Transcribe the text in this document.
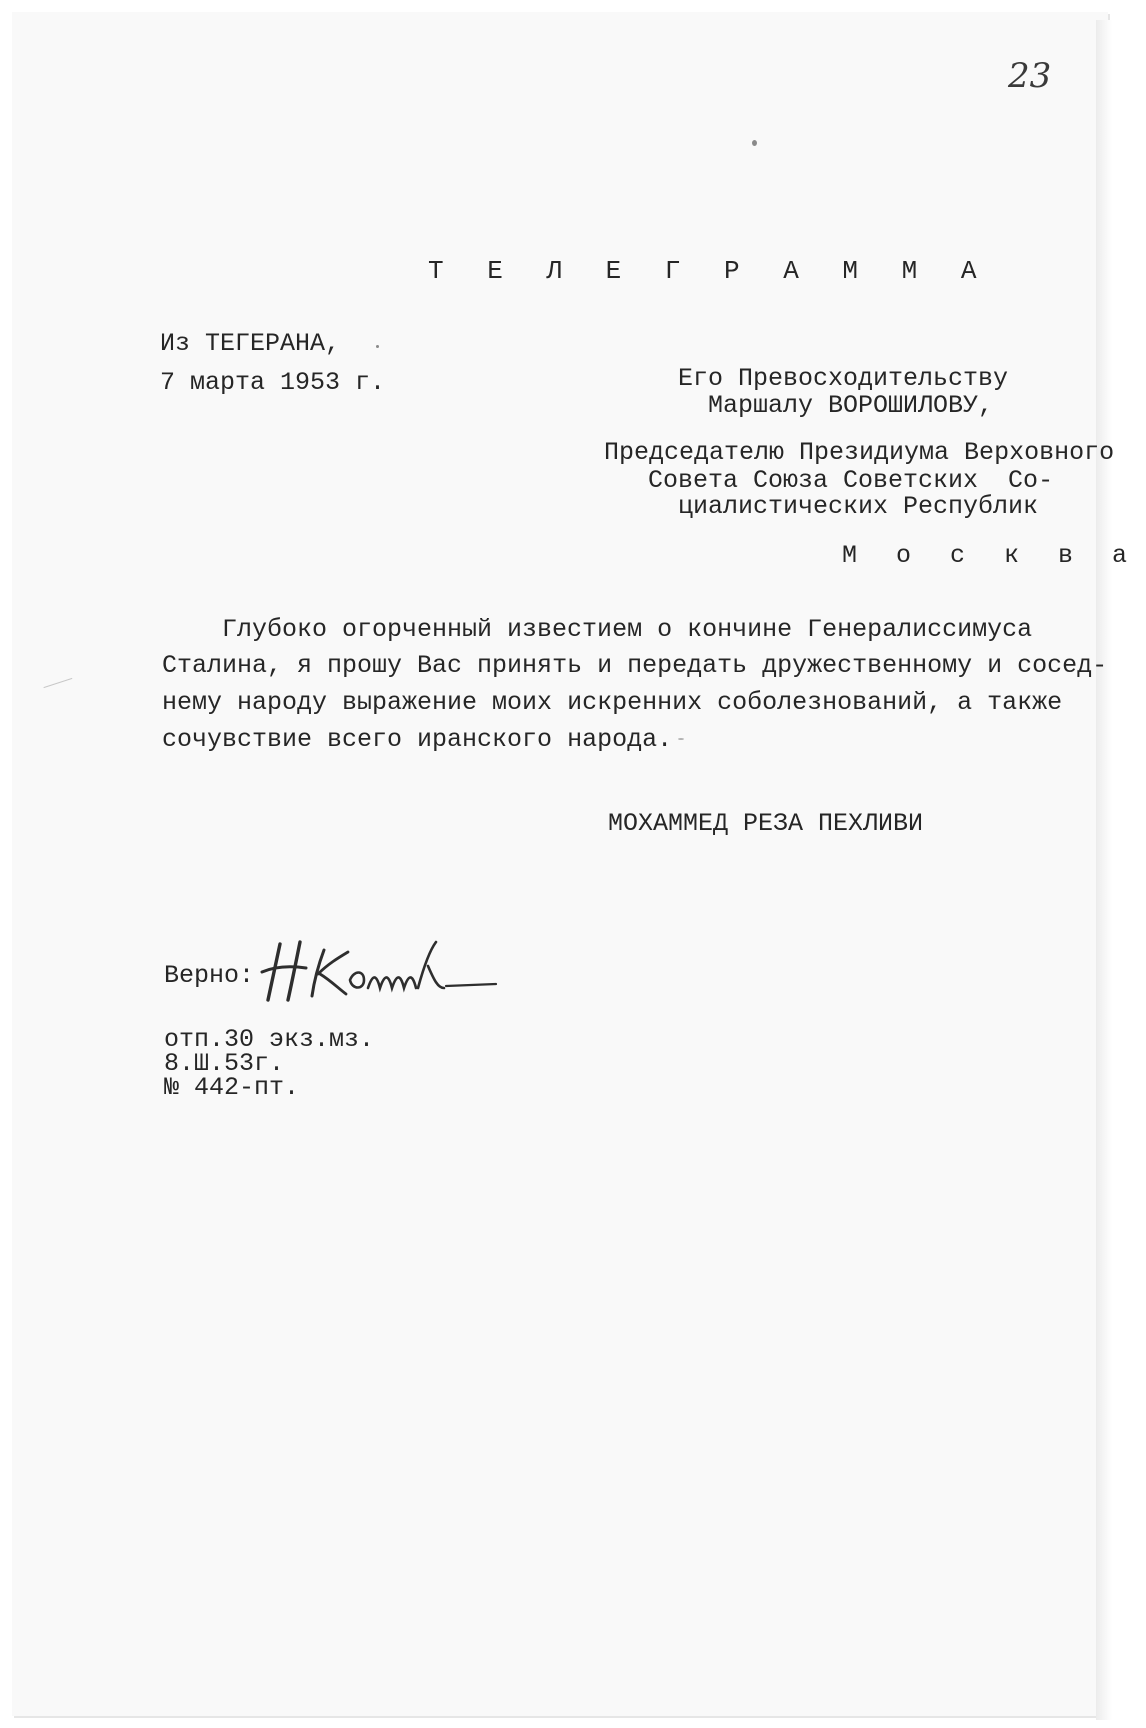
23
Т Е Л Е Г Р А М М А
Из ТЕГЕРАНА,
7 марта 1953 г.	Его Превосходительству
Маршалу ВОРОШИЛОВУ,
Председателю Президиума Верховного
Совета Союза Советских  Со-
циалистических Республик
М о с к в а
Глубоко огорченный известием о кончине Генералиссимуса
Сталина, я прошу Вас принять и передать дружественному и сосед-
нему народу выражение моих искренних соболезнований, а также
сочувствие всего иранского народа.
МОХАММЕД РЕЗА ПЕХЛИВИ
Верно:
отп.30 экз.мз.
8.Ш.53г.
№ 442-пт.
